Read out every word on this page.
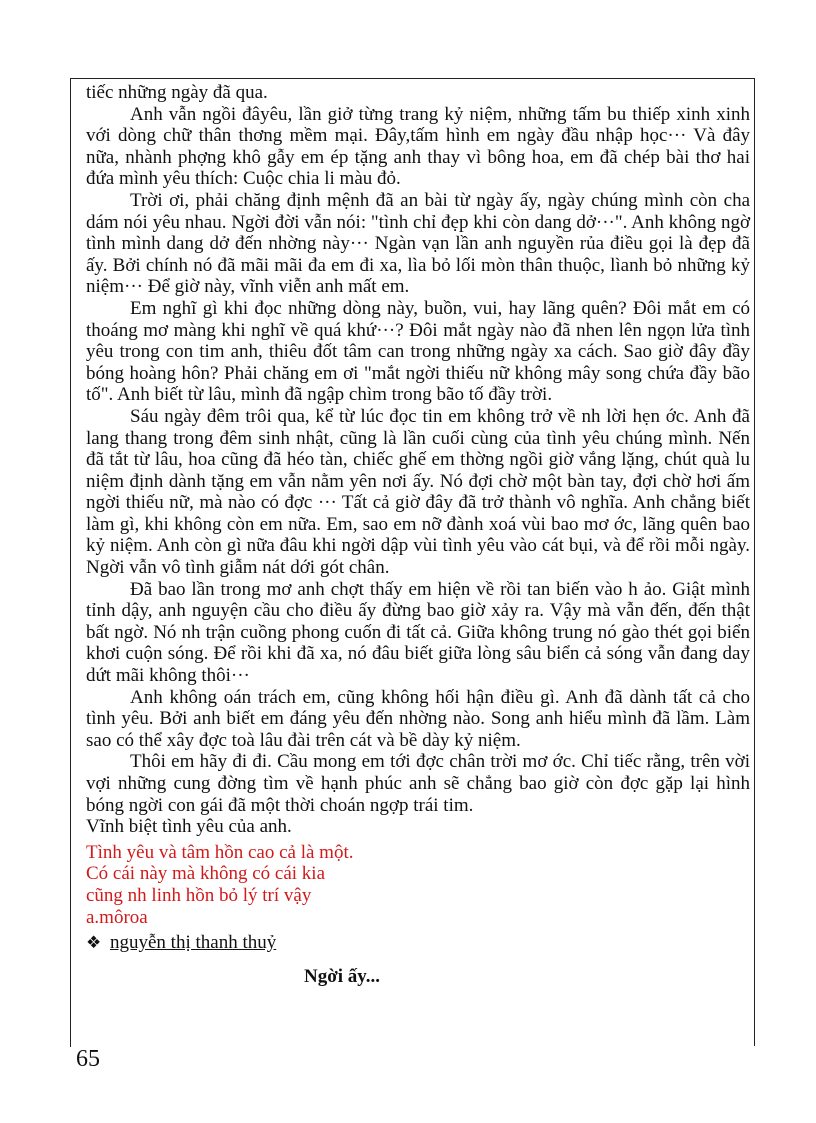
tiếc những ngày đã qua.

Anh vẫn ngồi đâyêu, lần giở từng trang kỷ niệm, những tấm bu thiếp xinh xinh với dòng chữ thân thơng mềm mại. Đây,tấm hình em ngày đầu nhập học··· Và đây nữa, nhành phợng khô gẫy em ép tặng anh thay vì bông hoa, em đã chép bài thơ hai đứa mình yêu thích: Cuộc chia li màu đỏ.

Trời ơi, phải chăng định mệnh đã an bài từ ngày ấy, ngày chúng mình còn cha dám nói yêu nhau. Ngời đời vẫn nói: "tình chỉ đẹp khi còn dang dở···". Anh không ngờ tình mình dang dở đến nhờng này··· Ngàn vạn lần anh nguyền rủa điều gọi là đẹp đã ấy. Bởi chính nó đã mãi mãi đa em đi xa, lìa bỏ lối mòn thân thuộc, lìanh bỏ những kỷ niệm··· Để giờ này, vĩnh viễn anh mất em.

Em nghĩ gì khi đọc những dòng này, buồn, vui, hay lãng quên? Đôi mắt em có thoáng mơ màng khi nghĩ về quá khứ···? Đôi mắt ngày nào đã nhen lên ngọn lửa tình yêu trong con tim anh, thiêu đốt tâm can trong những ngày xa cách. Sao giờ đây đầy bóng hoàng hôn? Phải chăng em ơi "mắt ngời thiếu nữ không mây song chứa đầy bão tố". Anh biết từ lâu, mình đã ngập chìm trong bão tố đầy trời.

Sáu ngày đêm trôi qua, kể từ lúc đọc tin em không trở về nh lời hẹn ớc. Anh đã lang thang trong đêm sinh nhật, cũng là lần cuối cùng của tình yêu chúng mình. Nến đã tắt từ lâu, hoa cũng đã héo tàn, chiếc ghế em thờng ngồi giờ vắng lặng, chút quà lu niệm định dành tặng em vẫn nằm yên nơi ấy. Nó đợi chờ một bàn tay, đợi chờ hơi ấm ngời thiếu nữ, mà nào có đợc ··· Tất cả giờ đây đã trở thành vô nghĩa. Anh chẳng biết làm gì, khi không còn em nữa. Em, sao em nỡ đành xoá vùi bao mơ ớc, lãng quên bao kỷ niệm. Anh còn gì nữa đâu khi ngời dập vùi tình yêu vào cát bụi, và để rồi mỗi ngày. Ngời vẫn vô tình giẫm nát dới gót chân.

Đã bao lần trong mơ anh chợt thấy em hiện về rồi tan biến vào h ảo. Giật mình tỉnh dậy, anh nguyện cầu cho điều ấy đừng bao giờ xảy ra. Vậy mà vẫn đến, đến thật bất ngờ. Nó nh trận cuồng phong cuốn đi tất cả. Giữa không trung nó gào thét gọi biển khơi cuộn sóng. Để rồi khi đã xa, nó đâu biết giữa lòng sâu biển cả sóng vẫn đang day dứt mãi không thôi···

Anh không oán trách em, cũng không hối hận điều gì. Anh đã dành tất cả cho tình yêu. Bởi anh biết em đáng yêu đến nhờng nào. Song anh hiểu mình đã lầm. Làm sao có thể xây đợc toà lâu đài trên cát và bề dày kỷ niệm.

Thôi em hãy đi đi. Cầu mong em tới đợc chân trời mơ ớc. Chỉ tiếc rằng, trên vời vợi những cung đờng tìm về hạnh phúc anh sẽ chẳng bao giờ còn đợc gặp lại hình bóng ngời con gái đã một thời choán ngợp trái tim.

Vĩnh biệt tình yêu của anh.

Tình yêu và tâm hồn cao cả là một.
Có cái này mà không có cái kia
cũng nh linh hồn bỏ lý trí vậy
a.môroa
❖ nguyễn thị thanh thuỷ
Ngời ấy...
65
